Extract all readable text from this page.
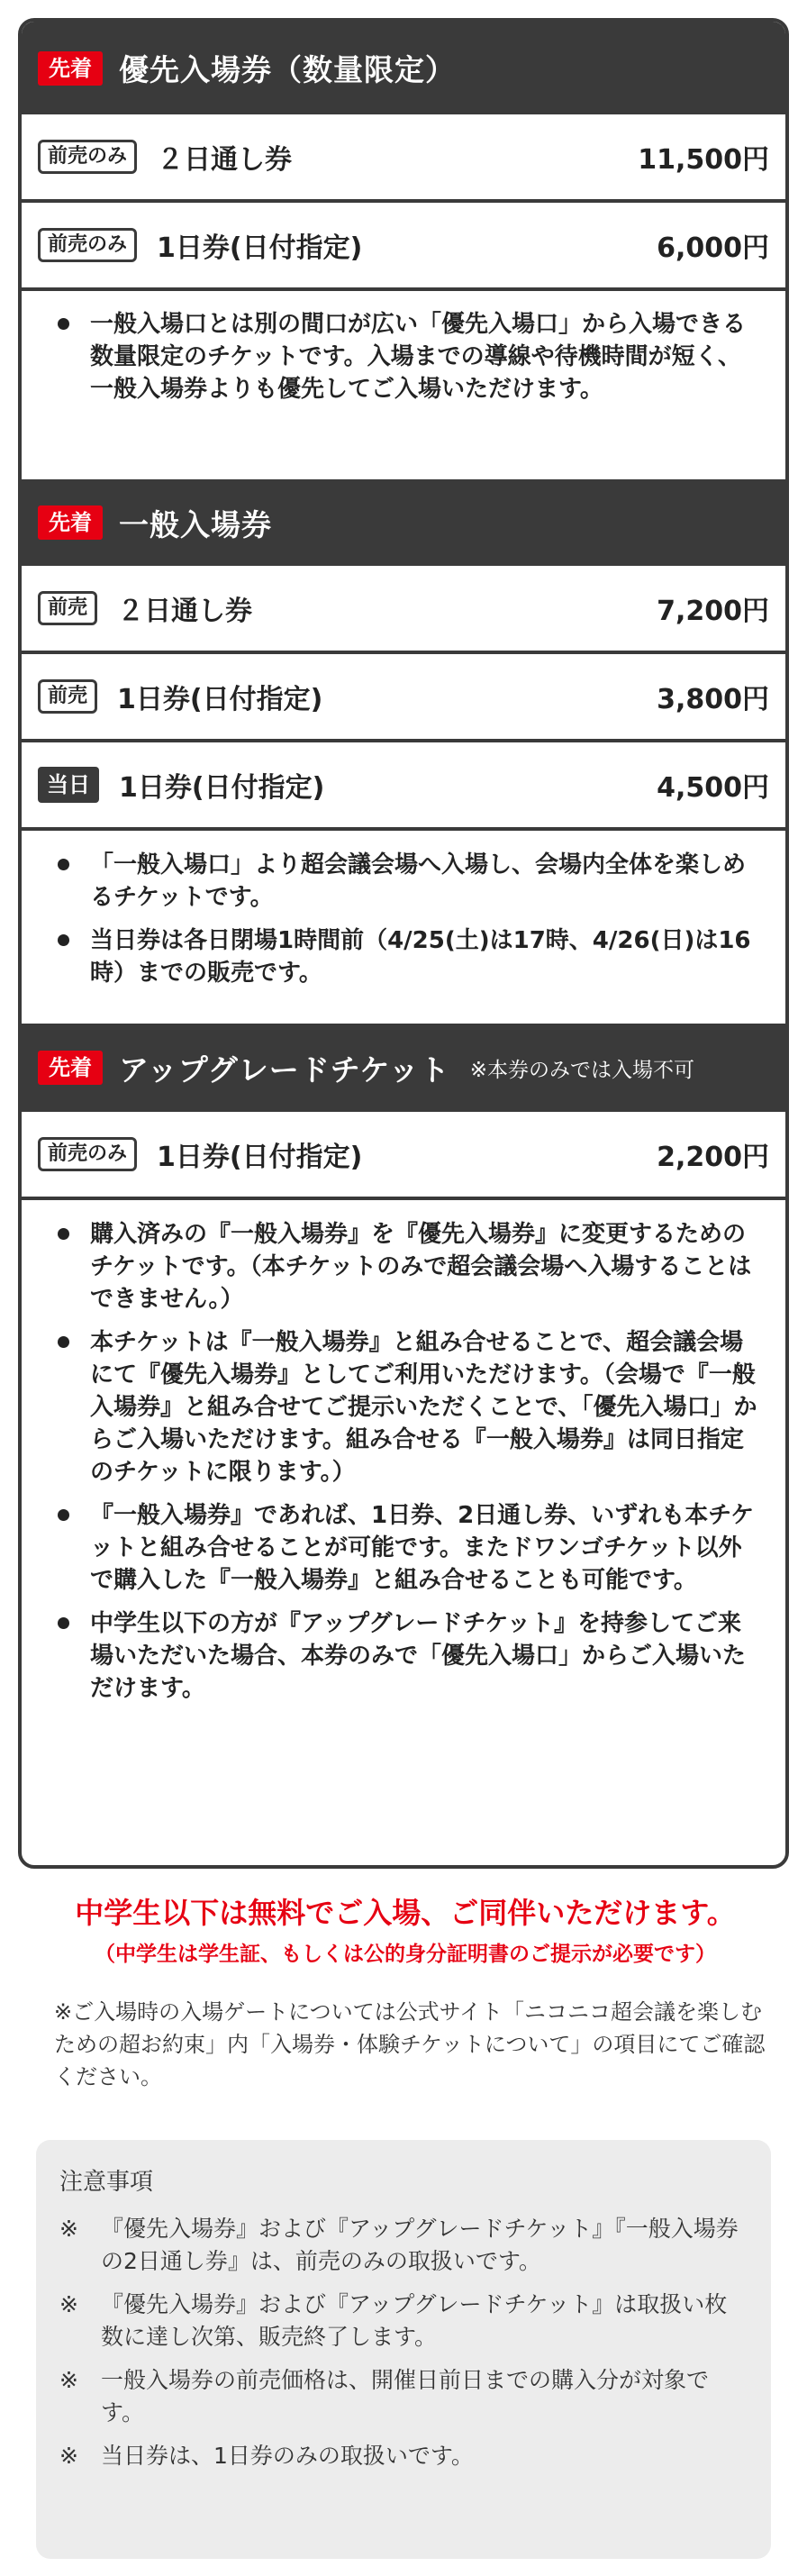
先着 優先入場券（数量限定）
前売のみ	２日通し券	11,500円
前売のみ	1日券(日付指定)	6,000円
一般入場口とは別の間口が広い「優先入場口」から入場できる数量限定のチケットです。入場までの導線や待機時間が短く、一般入場券よりも優先してご入場いただけます。
先着 一般入場券
前売	２日通し券	7,200円
前売	1日券(日付指定)	3,800円
当日	1日券(日付指定)	4,500円
「一般入場口」より超会議会場へ入場し、会場内全体を楽しめるチケットです。
当日券は各日閉場1時間前（4/25(土)は17時、4/26(日)は16時）までの販売です。
先着 アップグレードチケット ※本券のみでは入場不可
前売のみ	1日券(日付指定)	2,200円
購入済みの『一般入場券』を『優先入場券』に変更するためのチケットです。（本チケットのみで超会議会場へ入場することはできません。）
本チケットは『一般入場券』と組み合せることで、超会議会場にて『優先入場券』としてご利用いただけます。（会場で『一般入場券』と組み合せてご提示いただくことで、「優先入場口」からご入場いただけます。組み合せる『一般入場券』は同日指定のチケットに限ります。）
『一般入場券』であれば、1日券、2日通し券、いずれも本チケットと組み合せることが可能です。またドワンゴチケット以外で購入した『一般入場券』と組み合せることも可能です。
中学生以下の方が『アップグレードチケット』を持参してご来場いただいた場合、本券のみで「優先入場口」からご入場いただけます。
中学生以下は無料でご入場、ご同伴いただけます。
（中学生は学生証、もしくは公的身分証明書のご提示が必要です）
※ご入場時の入場ゲートについては公式サイト「ニコニコ超会議を楽しむための超お約束」内「入場券・体験チケットについて」の項目にてご確認ください。
注意事項
※ 『優先入場券』および『アップグレードチケット』『一般入場券の2日通し券』は、前売のみの取扱いです。
※ 『優先入場券』および『アップグレードチケット』は取扱い枚数に達し次第、販売終了します。
※ 一般入場券の前売価格は、開催日前日までの購入分が対象です。
※ 当日券は、1日券のみの取扱いです。
